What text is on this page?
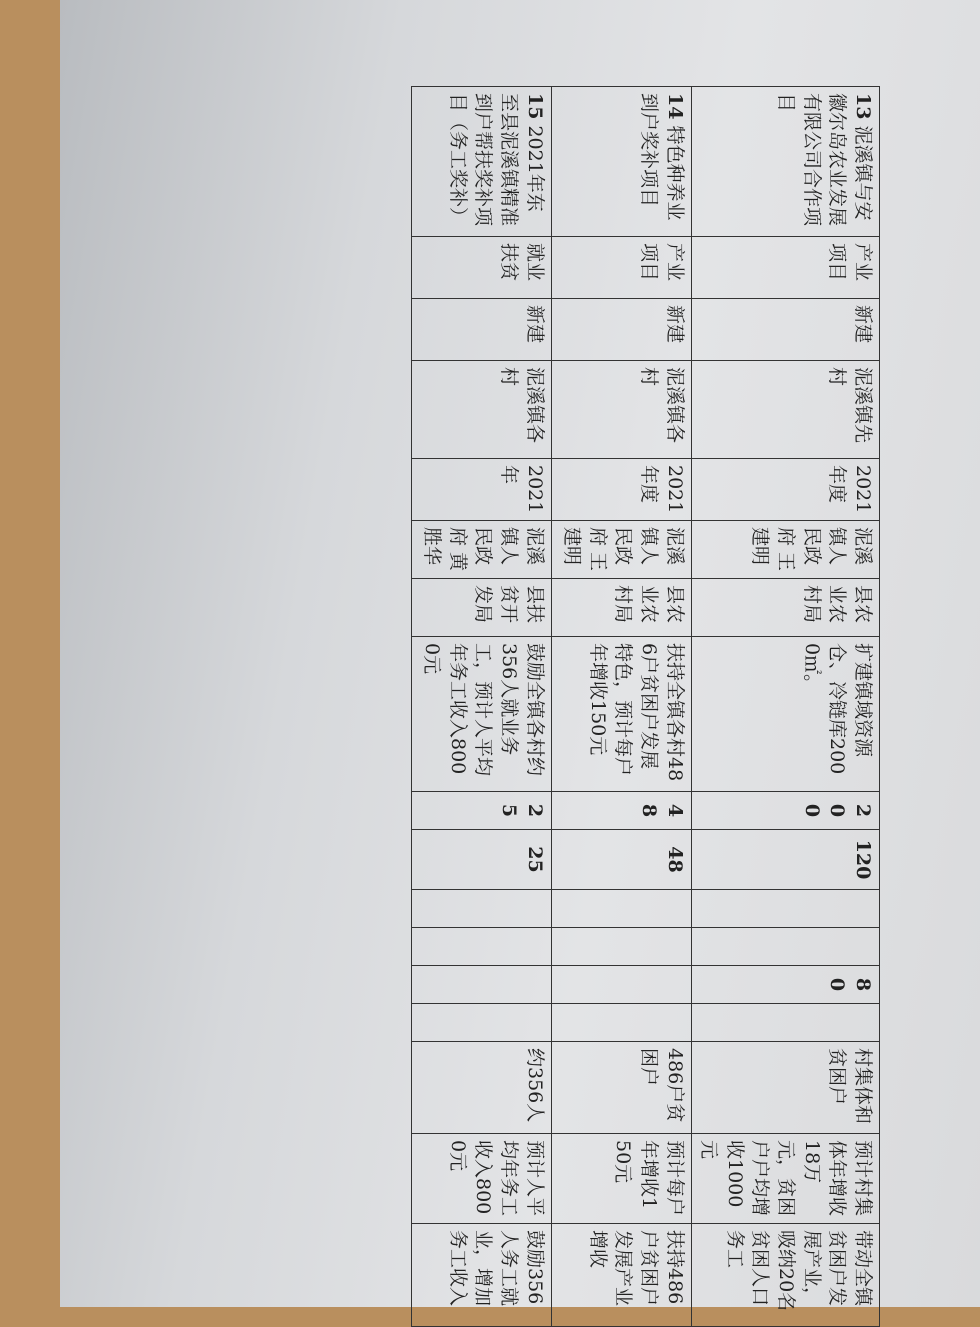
13泥溪镇与安徽尔岛农业发展有限公司合作项目	产业项目	新建	泥溪镇先村	2021年度	泥溪镇人民政府 王建明	县农业农村局	扩建镇域资源仓、冷链库2000㎡。	200	120			80		村集体和贫困户	预计村集体年增收18万元，贫困户户均增收1000元	带动全镇贫困户发展产业，吸纳20名贫困人口务工
14特色种养业到户奖补项目	产业项目	新建	泥溪镇各村	2021年度	泥溪镇人民政府 王建明	县农业农村局	扶持全镇各村486户贫困户发展特色，预计每户年增收150元	48	48					486户贫困户	预计每户年增收150元	扶持486户贫困户发展产业增收
152021年东至县泥溪镇精准到户帮扶奖补项目（务工奖补）	就业扶贫	新建	泥溪镇各村	2021年	泥溪镇人民政府 黄胜华	县扶贫开发局	鼓励全镇各村约356人就业务工，预计人平均年务工收入8000元	25	25					约356人	预计人平均年务工收入8000元	鼓励356人务工就业，增加务工收入
